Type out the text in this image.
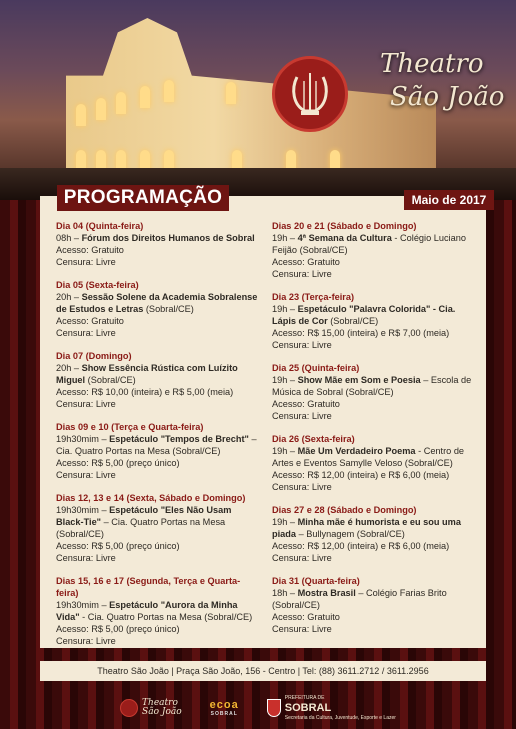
Theatro
São João
PROGRAMAÇÃO	Maio de 2017
Dia 04 (Quinta-feira)
08h – Fórum dos Direitos Humanos de Sobral
Acesso: Gratuito
Censura: Livre
Dia 05 (Sexta-feira)
20h – Sessão Solene da Academia Sobralense de Estudos e Letras (Sobral/CE)
Acesso: Gratuito
Censura: Livre
Dia 07 (Domingo)
20h – Show Essência Rústica com Luízito Miguel (Sobral/CE)
Acesso: R$ 10,00 (inteira) e R$ 5,00 (meia)
Censura: Livre
Dias 09 e 10 (Terça e Quarta-feira)
19h30mim – Espetáculo "Tempos de Brecht" – Cia. Quatro Portas na Mesa (Sobral/CE)
Acesso: R$ 5,00 (preço único)
Censura: Livre
Dias 12, 13 e 14 (Sexta, Sábado e Domingo)
19h30mim – Espetáculo "Eles Não Usam Black-Tie" – Cia. Quatro Portas na Mesa (Sobral/CE)
Acesso: R$ 5,00 (preço único)
Censura: Livre
Dias 15, 16 e 17 (Segunda, Terça e Quarta-feira)
19h30mim – Espetáculo "Aurora da Minha Vida" - Cia. Quatro Portas na Mesa (Sobral/CE)
Acesso: R$ 5,00 (preço único)
Censura: Livre
Dias 20 e 21 (Sábado e Domingo)
19h – 4ª Semana da Cultura - Colégio Luciano Feijão (Sobral/CE)
Acesso: Gratuito
Censura: Livre
Dia 23 (Terça-feira)
19h – Espetáculo "Palavra Colorida" - Cia. Lápis de Cor (Sobral/CE)
Acesso: R$ 15,00 (inteira) e R$ 7,00 (meia)
Censura: Livre
Dia 25 (Quinta-feira)
19h – Show Mãe em Som e Poesia – Escola de Música de Sobral (Sobral/CE)
Acesso: Gratuito
Censura: Livre
Dia 26 (Sexta-feira)
19h – Mãe Um Verdadeiro Poema - Centro de Artes e Eventos Samylle Veloso (Sobral/CE)
Acesso: R$ 12,00 (inteira) e R$ 6,00 (meia)
Censura: Livre
Dias 27 e 28 (Sábado e Domingo)
19h – Minha mãe é humorista e eu sou uma piada – Bullynagem (Sobral/CE)
Acesso: R$ 12,00 (inteira) e R$ 6,00 (meia)
Censura: Livre
Dia 31 (Quarta-feira)
18h – Mostra Brasil – Colégio Farias Brito (Sobral/CE)
Acesso: Gratuito
Censura: Livre
Theatro São João | Praça São João, 156 - Centro | Tel: (88) 3611.2712 / 3611.2956
Theatro
São João
ecoa
SOBRAL
PREFEITURA DE
SOBRAL
Secretaria da Cultura, Juventude, Esporte e Lazer
